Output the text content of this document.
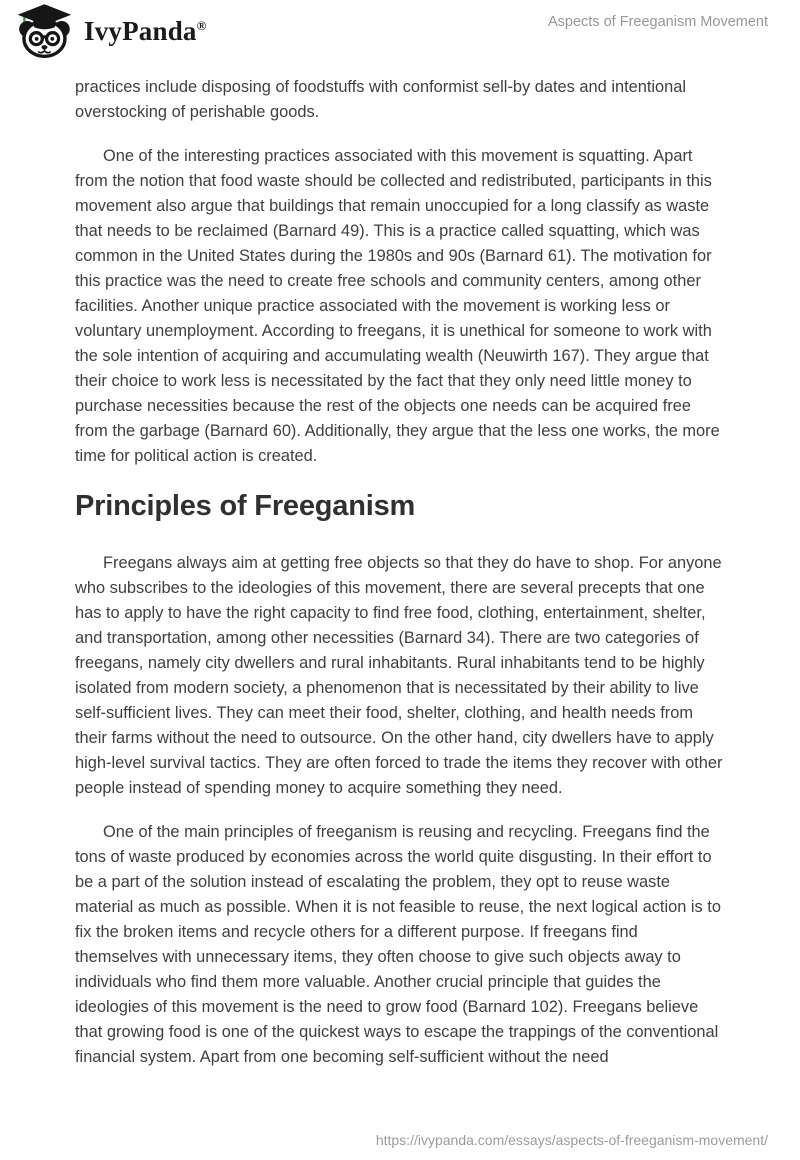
IvyPanda®	Aspects of Freeganism Movement

practices include disposing of foodstuffs with conformist sell-by dates and intentional overstocking of perishable goods.

One of the interesting practices associated with this movement is squatting. Apart from the notion that food waste should be collected and redistributed, participants in this movement also argue that buildings that remain unoccupied for a long classify as waste that needs to be reclaimed (Barnard 49). This is a practice called squatting, which was common in the United States during the 1980s and 90s (Barnard 61). The motivation for this practice was the need to create free schools and community centers, among other facilities. Another unique practice associated with the movement is working less or voluntary unemployment. According to freegans, it is unethical for someone to work with the sole intention of acquiring and accumulating wealth (Neuwirth 167). They argue that their choice to work less is necessitated by the fact that they only need little money to purchase necessities because the rest of the objects one needs can be acquired free from the garbage (Barnard 60). Additionally, they argue that the less one works, the more time for political action is created.

Principles of Freeganism

Freegans always aim at getting free objects so that they do have to shop. For anyone who subscribes to the ideologies of this movement, there are several precepts that one has to apply to have the right capacity to find free food, clothing, entertainment, shelter, and transportation, among other necessities (Barnard 34). There are two categories of freegans, namely city dwellers and rural inhabitants. Rural inhabitants tend to be highly isolated from modern society, a phenomenon that is necessitated by their ability to live self-sufficient lives. They can meet their food, shelter, clothing, and health needs from their farms without the need to outsource. On the other hand, city dwellers have to apply high-level survival tactics. They are often forced to trade the items they recover with other people instead of spending money to acquire something they need.

One of the main principles of freeganism is reusing and recycling. Freegans find the tons of waste produced by economies across the world quite disgusting. In their effort to be a part of the solution instead of escalating the problem, they opt to reuse waste material as much as possible. When it is not feasible to reuse, the next logical action is to fix the broken items and recycle others for a different purpose. If freegans find themselves with unnecessary items, they often choose to give such objects away to individuals who find them more valuable. Another crucial principle that guides the ideologies of this movement is the need to grow food (Barnard 102). Freegans believe that growing food is one of the quickest ways to escape the trappings of the conventional financial system. Apart from one becoming self-sufficient without the need

https://ivypanda.com/essays/aspects-of-freeganism-movement/
